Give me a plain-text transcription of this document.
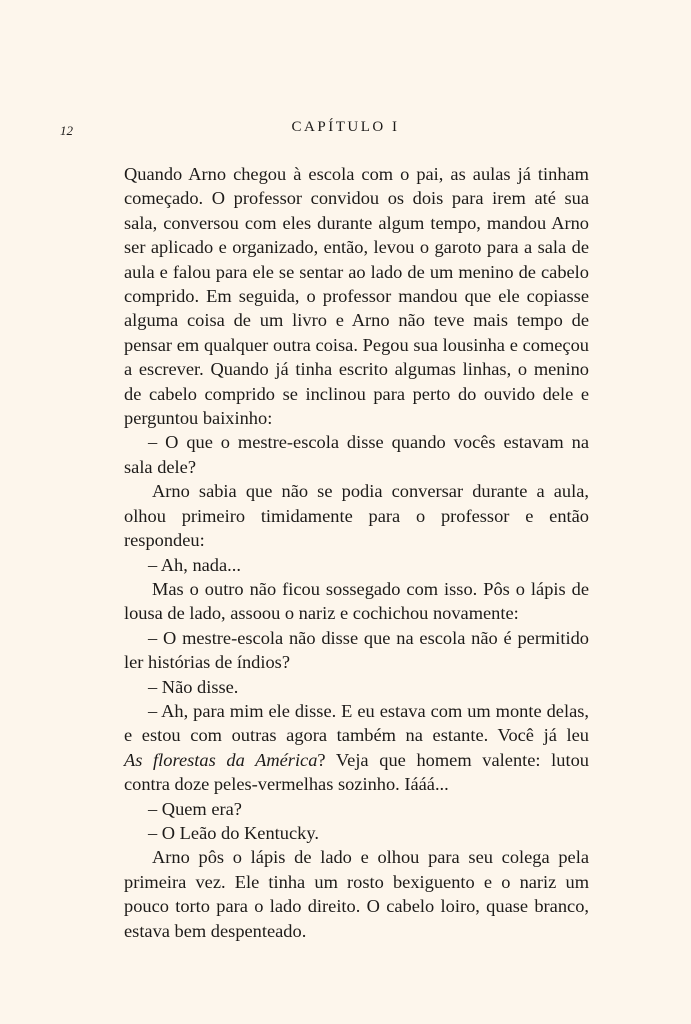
12	CAPÍTULO I

Quando Arno chegou à escola com o pai, as aulas já tinham começado. O professor convidou os dois para irem até sua sala, conversou com eles durante algum tempo, mandou Arno ser aplicado e organizado, então, levou o garoto para a sala de aula e falou para ele se sentar ao lado de um menino de cabelo comprido. Em seguida, o professor mandou que ele copiasse alguma coisa de um livro e Arno não teve mais tempo de pensar em qualquer outra coisa. Pegou sua lousinha e começou a escrever. Quando já tinha escrito algumas linhas, o menino de cabelo comprido se inclinou para perto do ouvido dele e perguntou baixinho:

– O que o mestre-escola disse quando vocês estavam na sala dele?

Arno sabia que não se podia conversar durante a aula, olhou primeiro timidamente para o professor e então respondeu:

– Ah, nada...

Mas o outro não ficou sossegado com isso. Pôs o lápis de lousa de lado, assoou o nariz e cochichou novamente:

– O mestre-escola não disse que na escola não é permitido ler histórias de índios?

– Não disse.

– Ah, para mim ele disse. E eu estava com um monte delas, e estou com outras agora também na estante. Você já leu As florestas da América? Veja que homem valente: lutou contra doze peles-vermelhas sozinho. Iááá...

– Quem era?

– O Leão do Kentucky.

Arno pôs o lápis de lado e olhou para seu colega pela primeira vez. Ele tinha um rosto bexiguento e o nariz um pouco torto para o lado direito. O cabelo loiro, quase branco, estava bem despenteado.
